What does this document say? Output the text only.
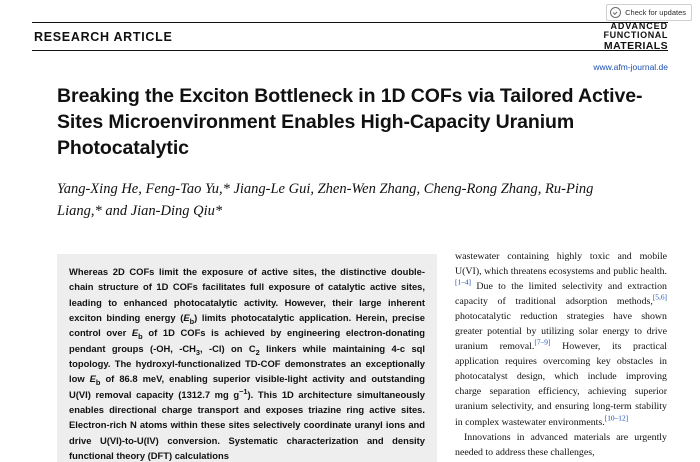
Check for updates
RESEARCH ARTICLE
ADVANCED
FUNCTIONAL
MATERIALS
www.afm-journal.de
Breaking the Exciton Bottleneck in 1D COFs via Tailored Active-Sites Microenvironment Enables High-Capacity Uranium Photocatalytic
Yang-Xing He, Feng-Tao Yu,* Jiang-Le Gui, Zhen-Wen Zhang, Cheng-Rong Zhang, Ru-Ping Liang,* and Jian-Ding Qiu*
Whereas 2D COFs limit the exposure of active sites, the distinctive double-chain structure of 1D COFs facilitates full exposure of catalytic active sites, leading to enhanced photocatalytic activity. However, their large inherent exciton binding energy $(E_b)$ limits photocatalytic application. Herein, precise control over $E_b$ of 1D COFs is achieved by engineering electron-donating pendant groups (-OH, $-CH_3$, -Cl) on $C_2$ linkers while maintaining 4-c sql topology. The hydroxyl-functionalized TD-COF demonstrates an exceptionally low $E_b$ of 86.8 meV, enabling superior visible-light activity and outstanding U(VI) removal capacity (1312.7 mg $g^{-1}$). This 1D architecture simultaneously enables directional charge transport and exposes triazine ring active sites. Electron-rich N atoms within these sites selectively coordinate uranyl ions and drive U(VI)-to-U(IV) conversion. Systematic characterization and density functional theory (DFT) calculations

wastewater containing highly toxic and mobile U(VI), which threatens ecosystems and public health.[1–4] Due to the limited selectivity and extraction capacity of traditional adsorption methods,[5,6] photocatalytic reduction strategies have shown greater potential by utilizing solar energy to drive uranium removal.[7–9] However, its practical application requires overcoming key obstacles in photocatalyst design, which include improving charge separation efficiency, achieving superior uranium selectivity, and ensuring long-term stability in complex wastewater environments.[10–12]

Innovations in advanced materials are urgently needed to address these challenges,
